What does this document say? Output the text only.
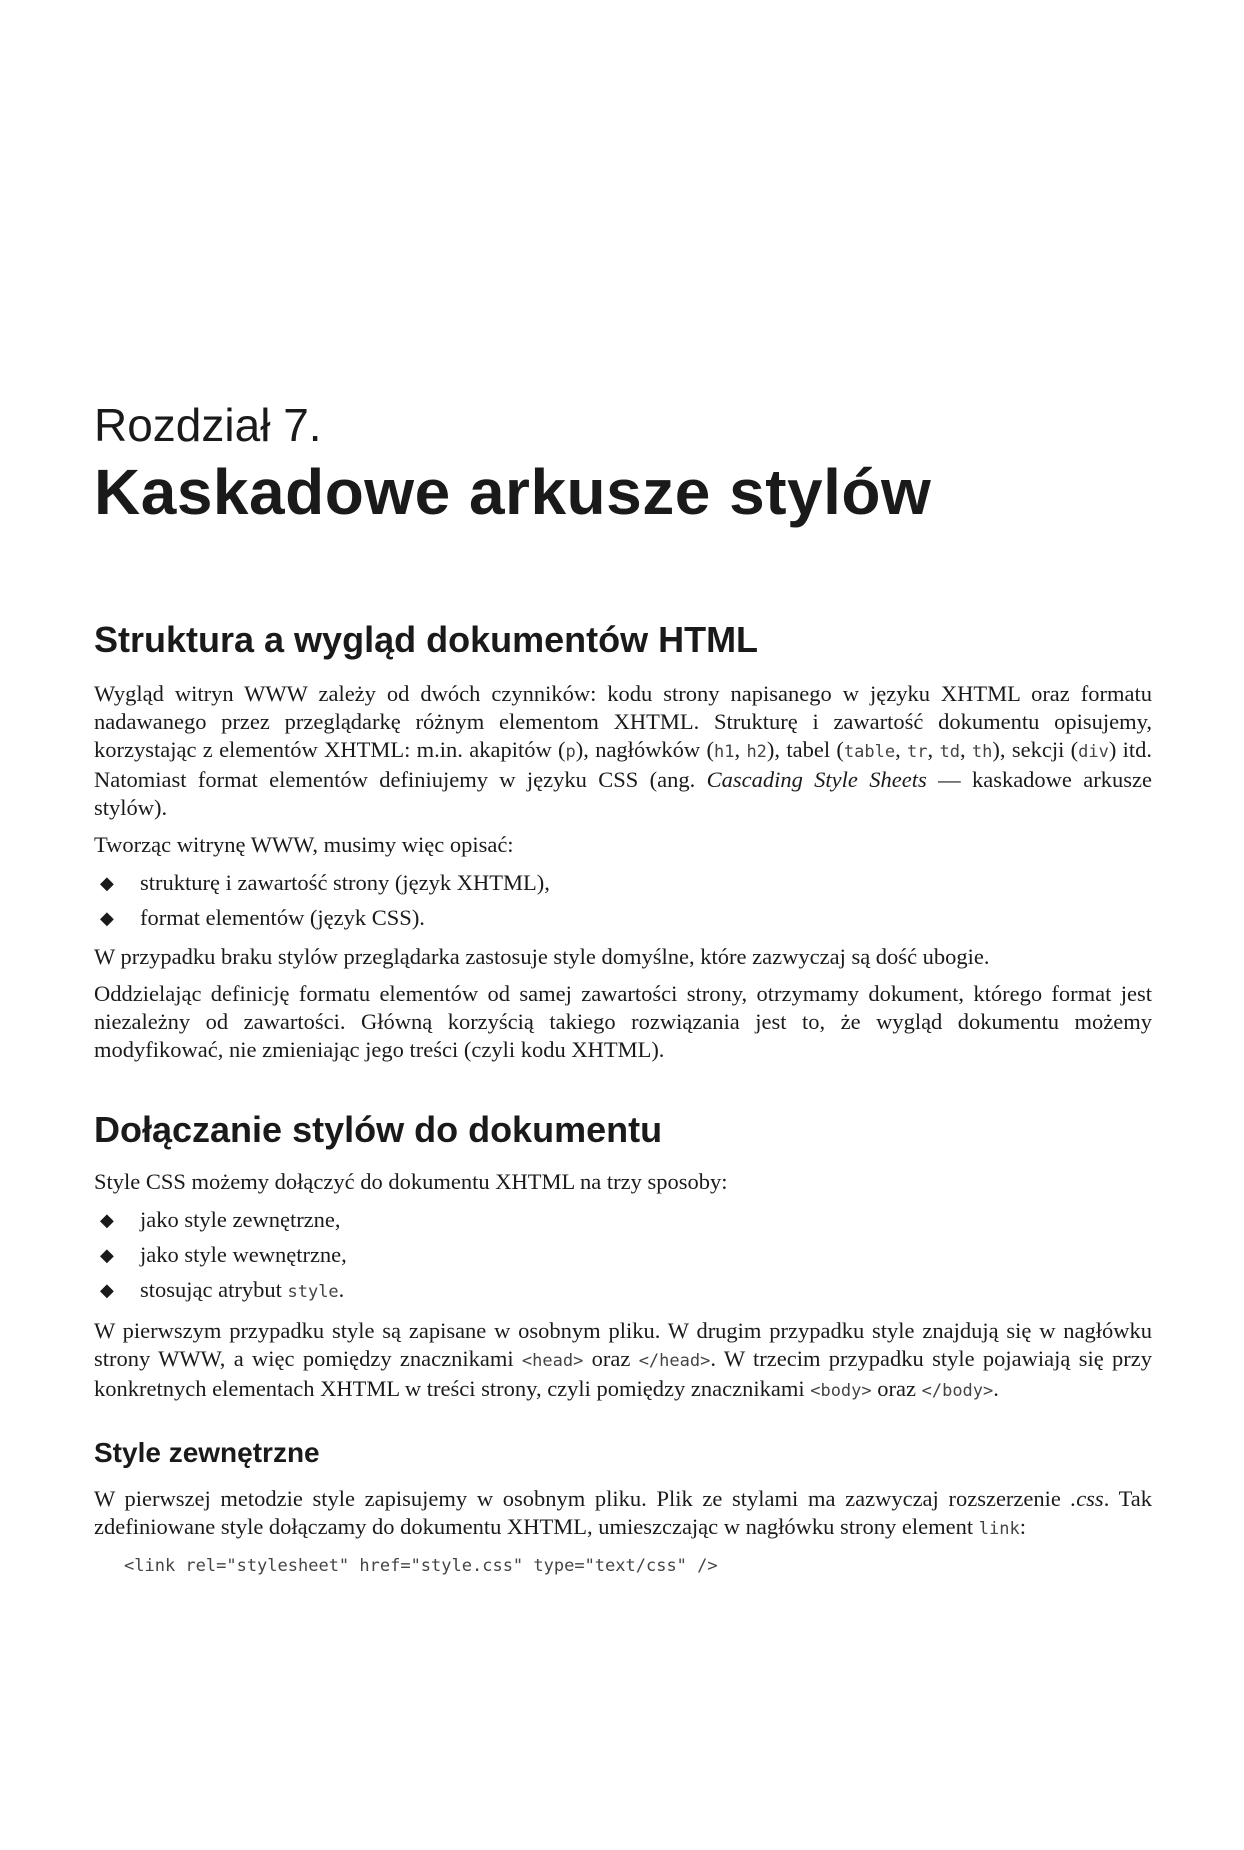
Rozdział 7.
Kaskadowe arkusze stylów
Struktura a wygląd dokumentów HTML

Wygląd witryn WWW zależy od dwóch czynników: kodu strony napisanego w języku XHTML oraz formatu nadawanego przez przeglądarkę różnym elementom XHTML. Strukturę i zawartość dokumentu opisujemy, korzystając z elementów XHTML: m.in. akapitów (p), nagłówków (h1, h2), tabel (table, tr, td, th), sekcji (div) itd. Natomiast format elementów definiujemy w języku CSS (ang. Cascading Style Sheets — kaskadowe arkusze stylów).

Tworząc witrynę WWW, musimy więc opisać:

◆ strukturę i zawartość strony (język XHTML),
◆ format elementów (język CSS).

W przypadku braku stylów przeglądarka zastosuje style domyślne, które zazwyczaj są dość ubogie.

Oddzielając definicję formatu elementów od samej zawartości strony, otrzymamy dokument, którego format jest niezależny od zawartości. Główną korzyścią takiego rozwiązania jest to, że wygląd dokumentu możemy modyfikować, nie zmieniając jego treści (czyli kodu XHTML).

Dołączanie stylów do dokumentu

Style CSS możemy dołączyć do dokumentu XHTML na trzy sposoby:

◆ jako style zewnętrzne,
◆ jako style wewnętrzne,
◆ stosując atrybut style.

W pierwszym przypadku style są zapisane w osobnym pliku. W drugim przypadku style znajdują się w nagłówku strony WWW, a więc pomiędzy znacznikami <head> oraz </head>. W trzecim przypadku style pojawiają się przy konkretnych elementach XHTML w treści strony, czyli pomiędzy znacznikami <body> oraz </body>.

Style zewnętrzne

W pierwszej metodzie style zapisujemy w osobnym pliku. Plik ze stylami ma zazwyczaj rozszerzenie .css. Tak zdefiniowane style dołączamy do dokumentu XHTML, umieszczając w nagłówku strony element link:

<link rel="stylesheet" href="style.css" type="text/css" />
